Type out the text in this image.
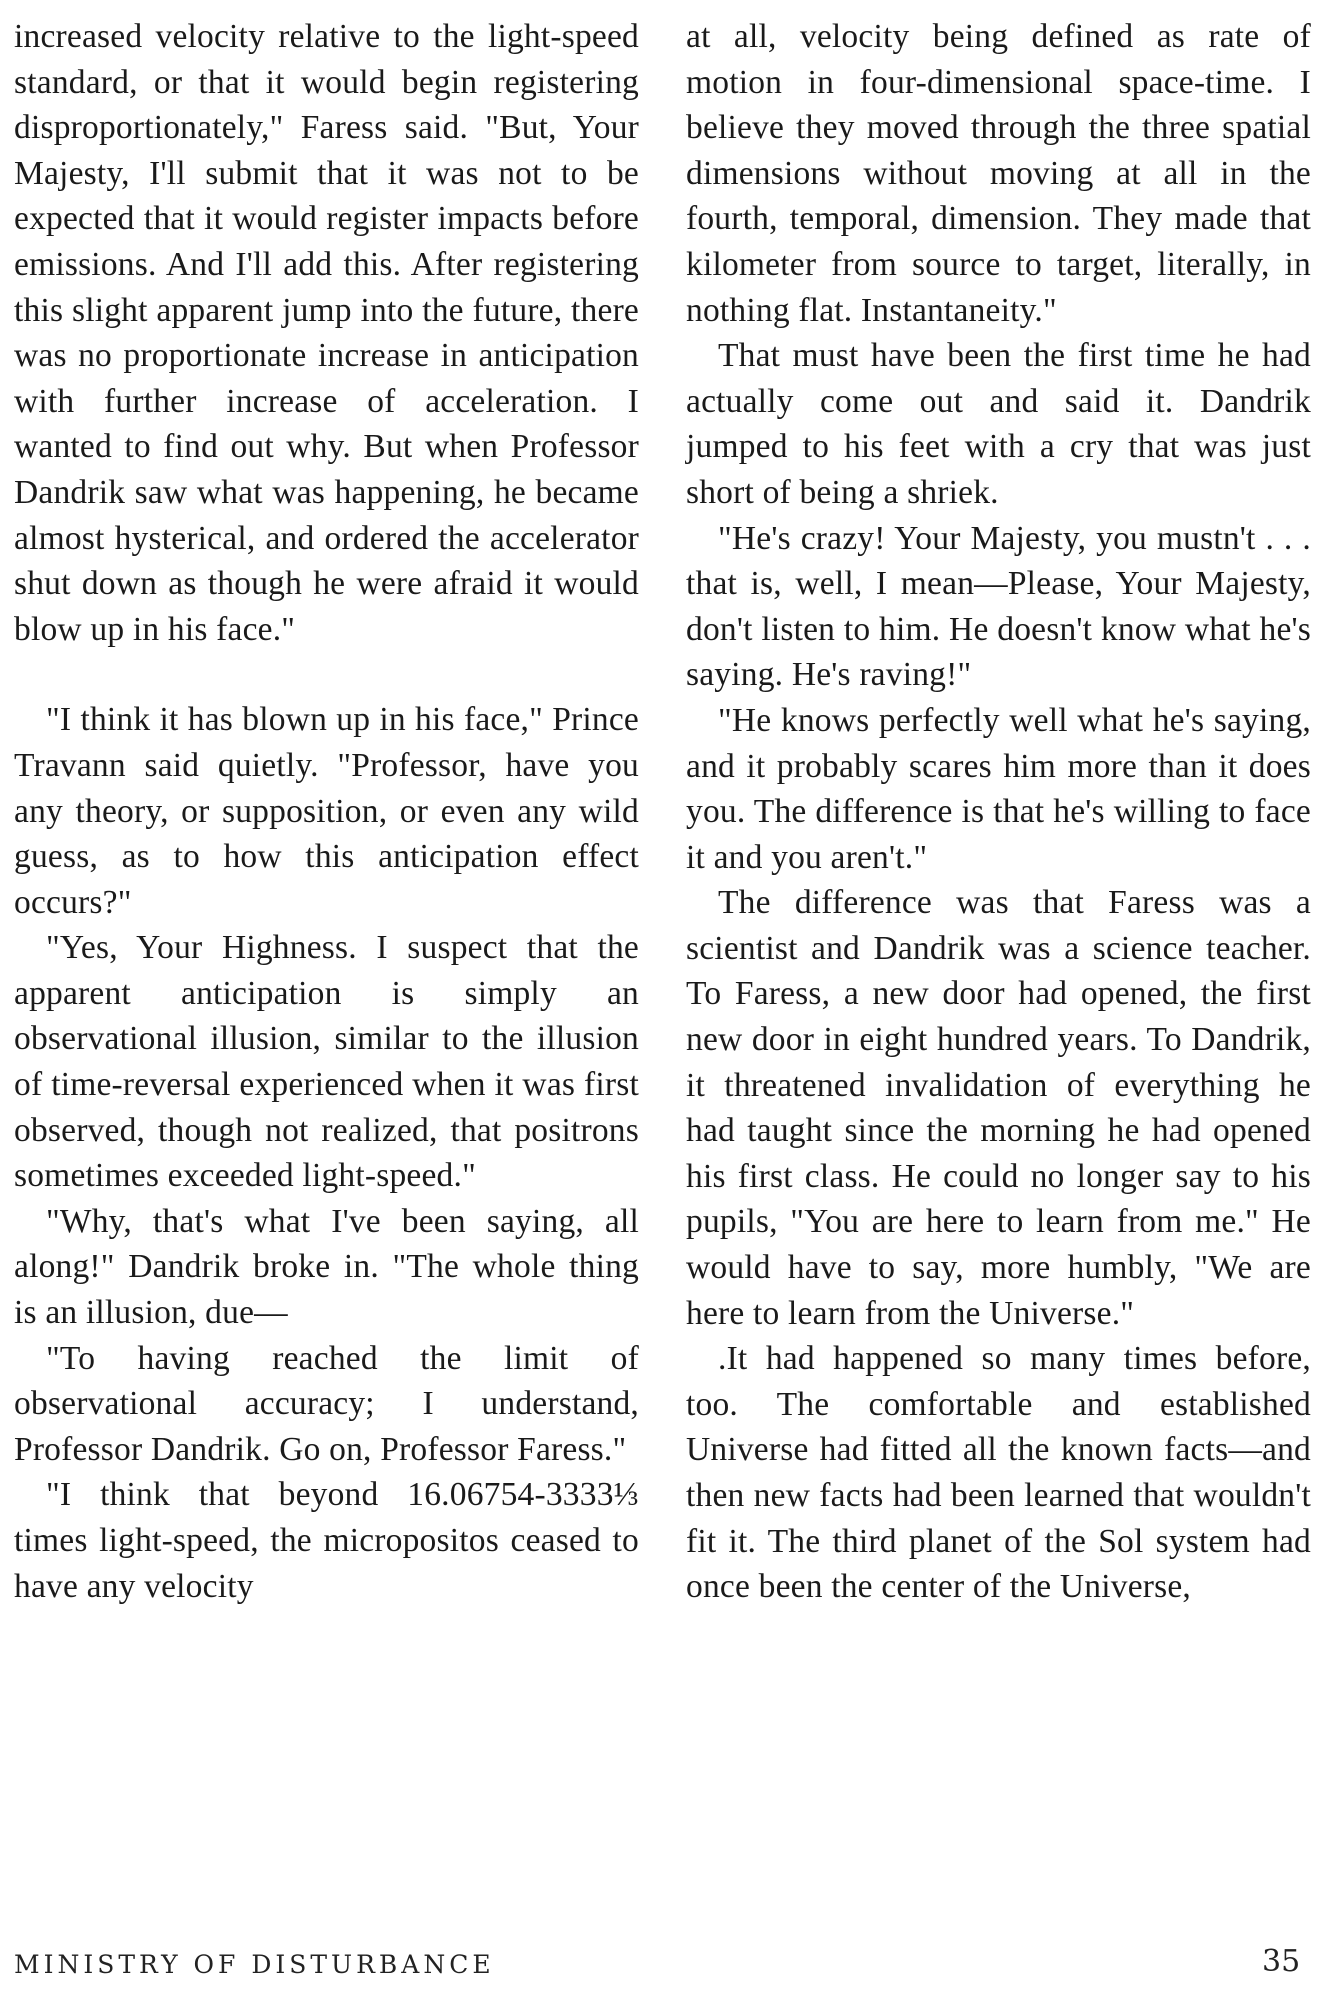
increased velocity relative to the light-speed standard, or that it would begin registering disproportionately," Faress said. "But, Your Majesty, I'll submit that it was not to be expected that it would register impacts before emissions. And I'll add this. After registering this slight apparent jump into the future, there was no proportionate increase in anticipation with further increase of acceleration. I wanted to find out why. But when Professor Dandrik saw what was happening, he became almost hysterical, and ordered the accelerator shut down as though he were afraid it would blow up in his face."

"I think it has blown up in his face," Prince Travann said quietly. "Professor, have you any theory, or supposition, or even any wild guess, as to how this anticipation effect occurs?"

"Yes, Your Highness. I suspect that the apparent anticipation is simply an observational illusion, similar to the illusion of time-reversal experienced when it was first observed, though not realized, that positrons sometimes exceeded light-speed."

"Why, that's what I've been saying, all along!" Dandrik broke in. "The whole thing is an illusion, due—

"To having reached the limit of observational accuracy; I understand, Professor Dandrik. Go on, Professor Faress."

"I think that beyond 16.06754-3333⅓ times light-speed, the micropositos ceased to have any velocity

at all, velocity being defined as rate of motion in four-dimensional space-time. I believe they moved through the three spatial dimensions without moving at all in the fourth, temporal, dimension. They made that kilometer from source to target, literally, in nothing flat. Instantaneity."

That must have been the first time he had actually come out and said it. Dandrik jumped to his feet with a cry that was just short of being a shriek.

"He's crazy! Your Majesty, you mustn't . . . that is, well, I mean—Please, Your Majesty, don't listen to him. He doesn't know what he's saying. He's raving!"

"He knows perfectly well what he's saying, and it probably scares him more than it does you. The difference is that he's willing to face it and you aren't."

The difference was that Faress was a scientist and Dandrik was a science teacher. To Faress, a new door had opened, the first new door in eight hundred years. To Dandrik, it threatened invalidation of everything he had taught since the morning he had opened his first class. He could no longer say to his pupils, "You are here to learn from me." He would have to say, more humbly, "We are here to learn from the Universe."

.It had happened so many times before, too. The comfortable and established Universe had fitted all the known facts—and then new facts had been learned that wouldn't fit it. The third planet of the Sol system had once been the center of the Universe,

MINISTRY OF DISTURBANCE	35
